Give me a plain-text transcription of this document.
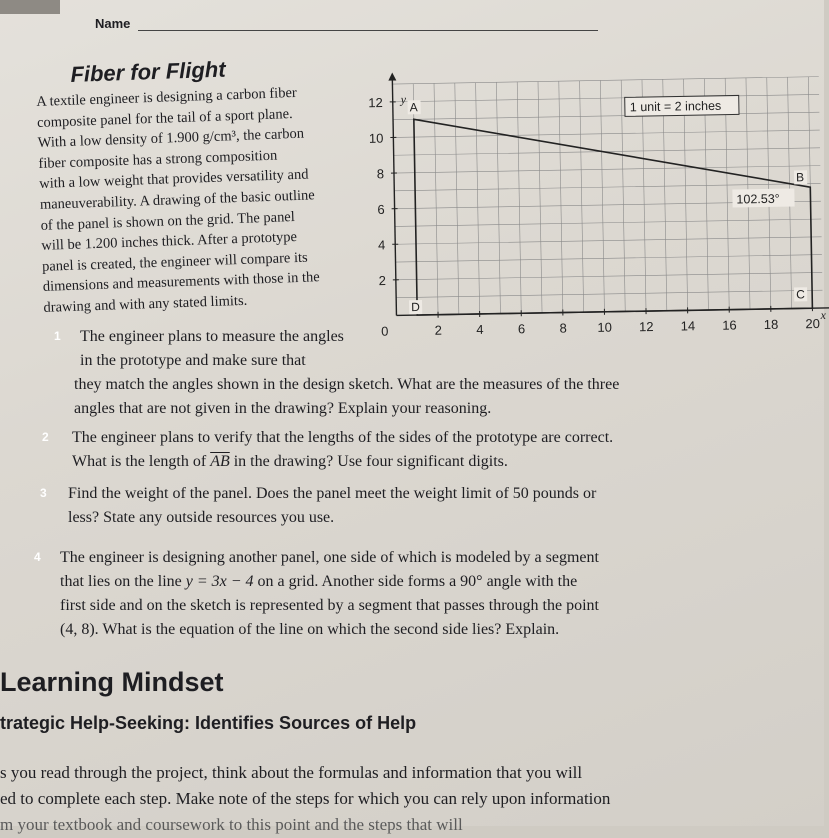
Name
Fiber for Flight

A textile engineer is designing a carbon fiber

composite panel for the tail of a sport plane.

With a low density of 1.900 g/cm³, the carbon

fiber composite has a strong composition

with a low weight that provides versatility and

maneuverability. A drawing of the basic outline

of the panel is shown on the grid. The panel

will be 1.200 inches thick. After a prototype

panel is created, the engineer will compare its

dimensions and measurements with those in the

drawing and with any stated limits.

0	2	4	6	8 10 12 14 16 18 20
2
4
6
8
10
12 A
B
C
D
1 unit = 2 inches
102.53°
y
x
1 The engineer plans to measure the angles
in the prototype and make sure that
they match the angles shown in the design sketch. What are the measures of the three
angles that are not given in the drawing? Explain your reasoning.
2 The engineer plans to verify that the lengths of the sides of the prototype are correct.
What is the length of $\overline{AB}$ in the drawing? Use four significant digits.
3 Find the weight of the panel. Does the panel meet the weight limit of 50 pounds or
less? State any outside resources you use.
4 The engineer is designing another panel, one side of which is modeled by a segment
that lies on the line y = 3x − 4 on a grid. Another side forms a 90° angle with the
first side and on the sketch is represented by a segment that passes through the point
(4, 8). What is the equation of the line on which the second side lies? Explain.
Learning Mindset
trategic Help-Seeking: Identifies Sources of Help

s you read through the project, think about the formulas and information that you will

ed to complete each step. Make note of the steps for which you can rely upon information

m your textbook and coursework to this point and the steps that will
